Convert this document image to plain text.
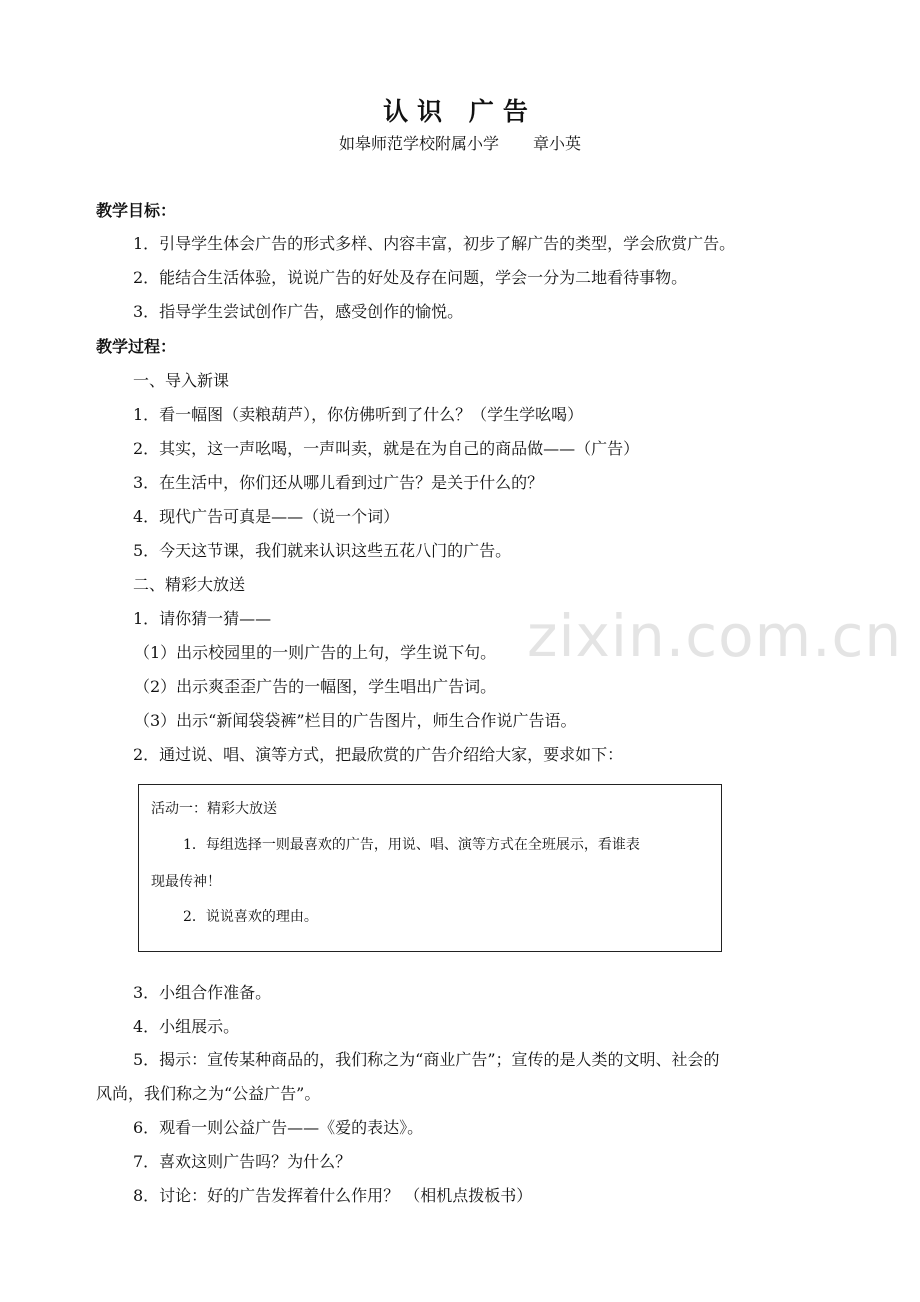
zixin.com.cn
认识 广告
如皋师范学校附属小学 章小英
教学目标：
1．引导学生体会广告的形式多样、内容丰富，初步了解广告的类型，学会欣赏广告。
2．能结合生活体验，说说广告的好处及存在问题，学会一分为二地看待事物。
3．指导学生尝试创作广告，感受创作的愉悦。
教学过程：
一、导入新课
1．看一幅图（卖粮葫芦），你仿佛听到了什么？（学生学吆喝）
2．其实，这一声吆喝，一声叫卖，就是在为自己的商品做——（广告）
3．在生活中，你们还从哪儿看到过广告？是关于什么的？
4．现代广告可真是——（说一个词）
5．今天这节课，我们就来认识这些五花八门的广告。
二、精彩大放送
1．请你猜一猜——
（1）出示校园里的一则广告的上句，学生说下句。
（2）出示爽歪歪广告的一幅图，学生唱出广告词。
（3）出示“新闻袋袋裤”栏目的广告图片，师生合作说广告语。
2．通过说、唱、演等方式，把最欣赏的广告介绍给大家，要求如下：
活动一：精彩大放送
1．每组选择一则最喜欢的广告，用说、唱、演等方式在全班展示，看谁表
现最传神！
2．说说喜欢的理由。
3．小组合作准备。
4．小组展示。
5．揭示：宣传某种商品的，我们称之为“商业广告”；宣传的是人类的文明、社会的
风尚，我们称之为“公益广告”。
6．观看一则公益广告——《爱的表达》。
7．喜欢这则广告吗？为什么？
8．讨论：好的广告发挥着什么作用？ （相机点拨板书）
